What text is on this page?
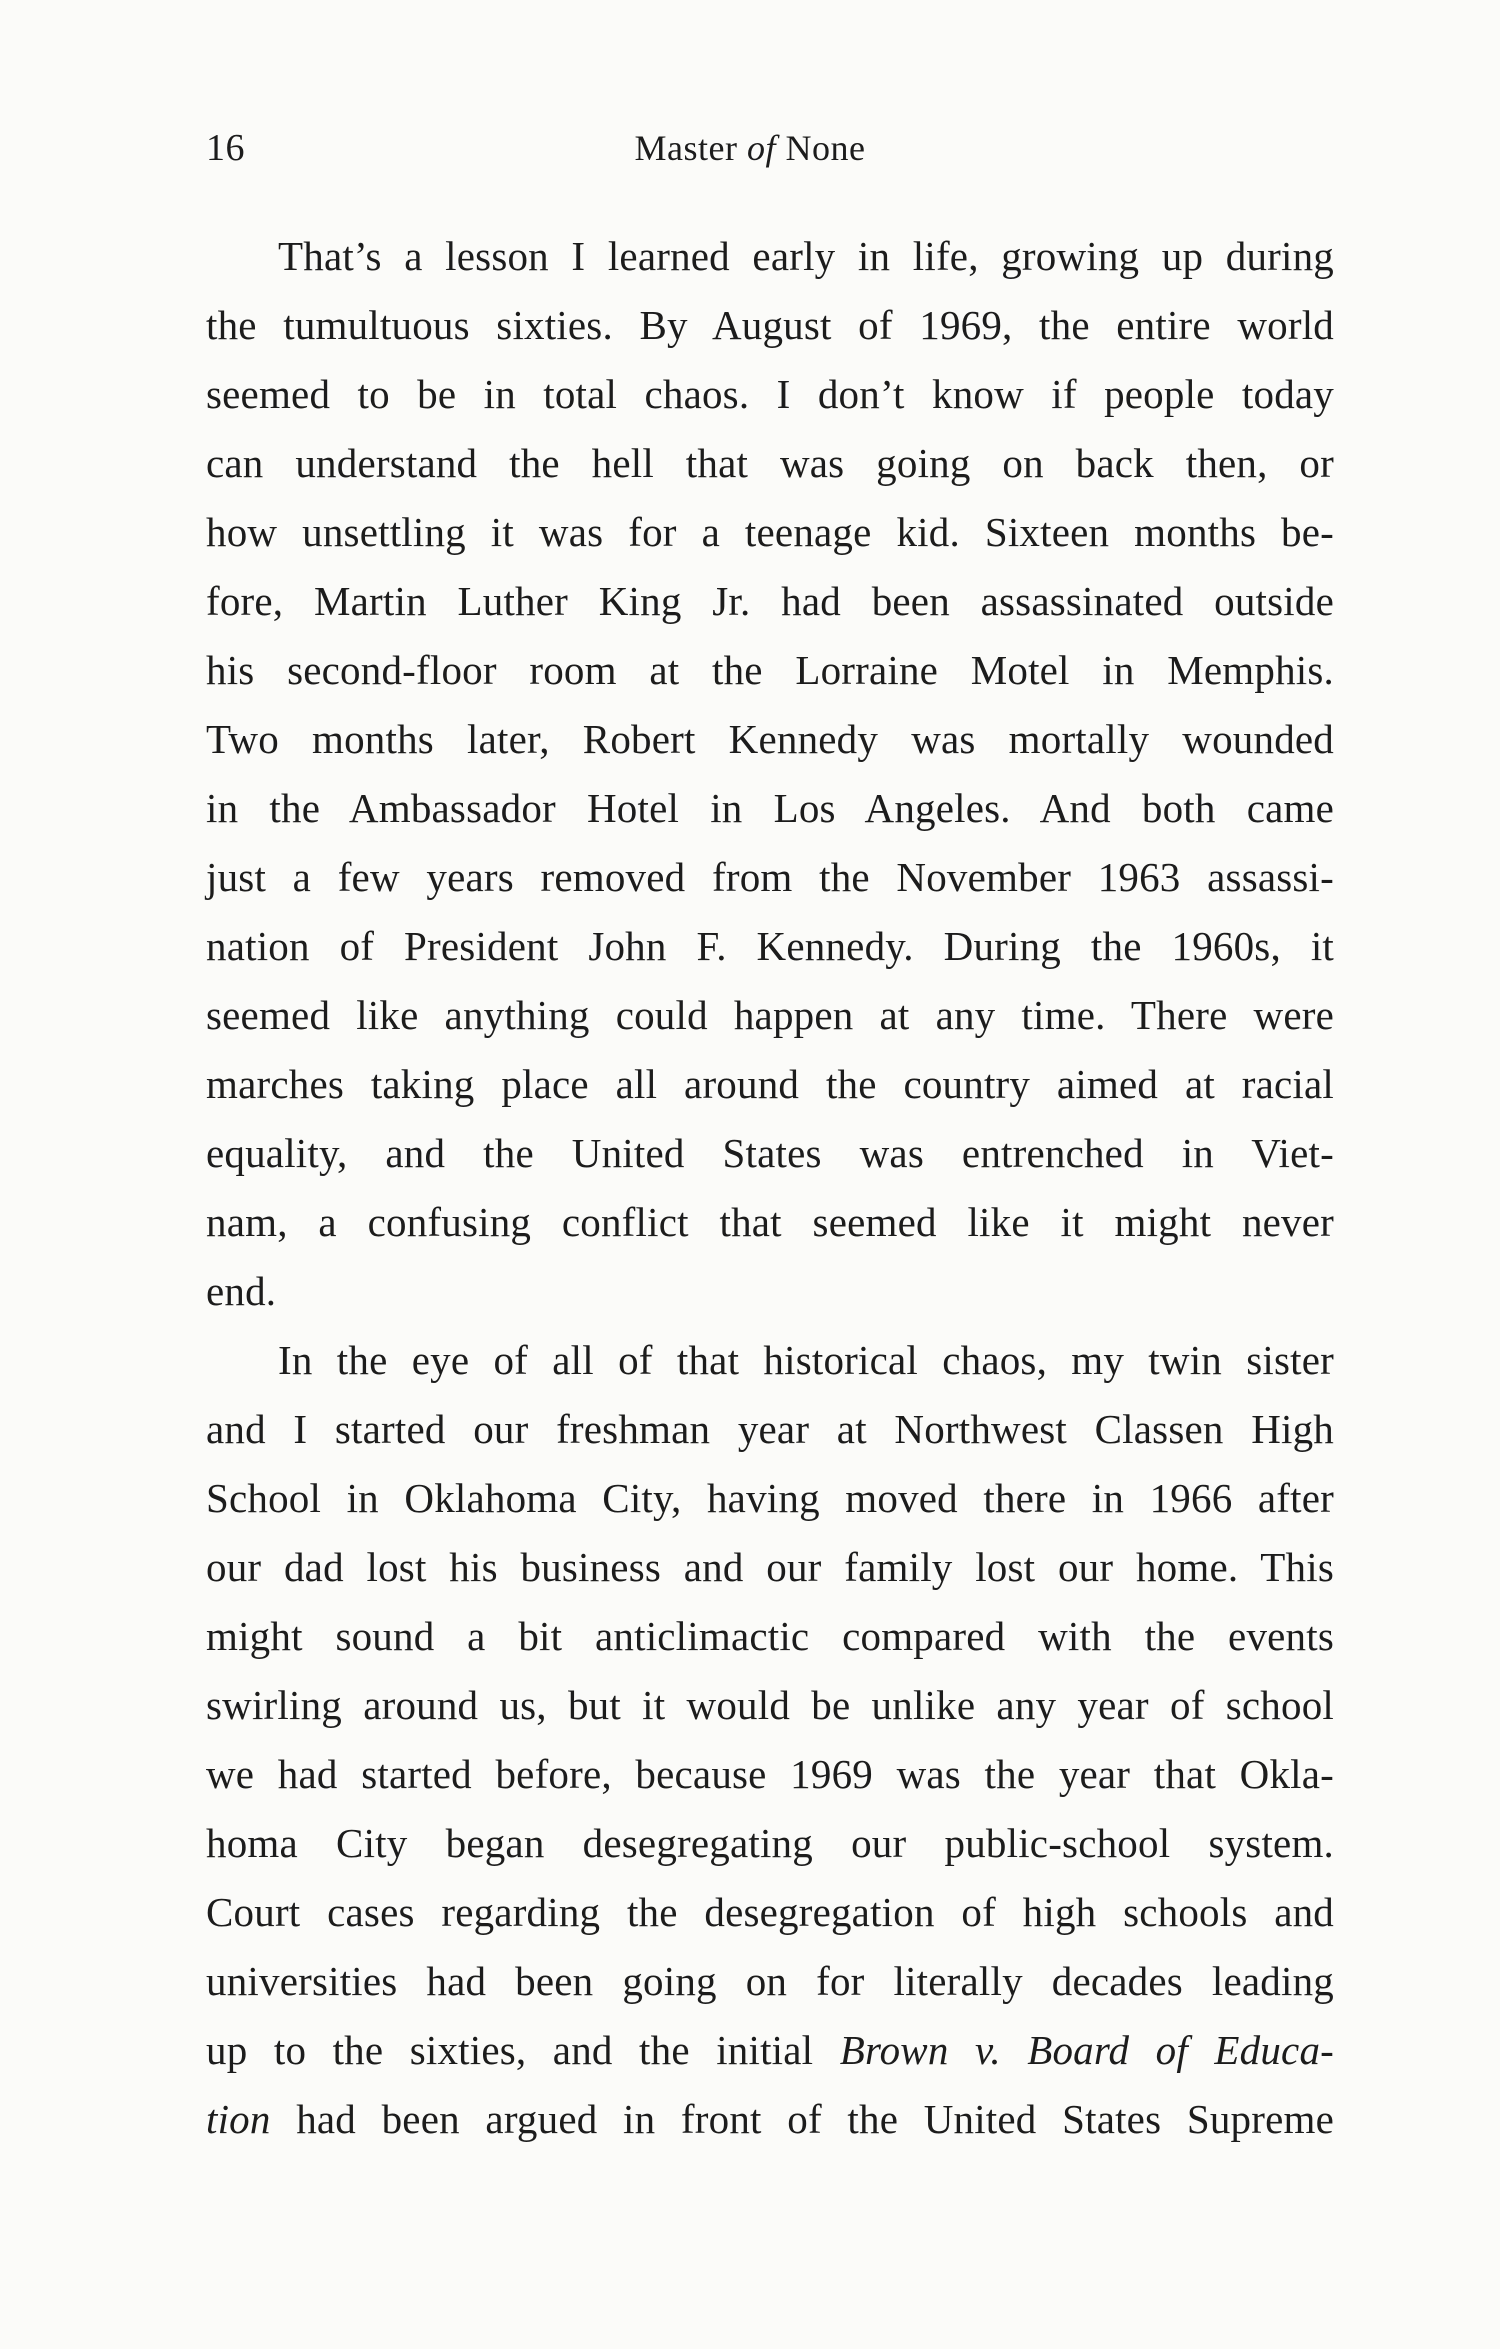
16	Master of None
That’s a lesson I learned early in life, growing up during
the tumultuous sixties. By August of 1969, the entire world
seemed to be in total chaos. I don’t know if people today
can understand the hell that was going on back then, or
how unsettling it was for a teenage kid. Sixteen months be-
fore, Martin Luther King Jr. had been assassinated outside
his second-floor room at the Lorraine Motel in Memphis.
Two months later, Robert Kennedy was mortally wounded
in the Ambassador Hotel in Los Angeles. And both came
just a few years removed from the November 1963 assassi-
nation of President John F. Kennedy. During the 1960s, it
seemed like anything could happen at any time. There were
marches taking place all around the country aimed at racial
equality, and the United States was entrenched in Viet-
nam, a confusing conflict that seemed like it might never
end.
In the eye of all of that historical chaos, my twin sister
and I started our freshman year at Northwest Classen High
School in Oklahoma City, having moved there in 1966 after
our dad lost his business and our family lost our home. This
might sound a bit anticlimactic compared with the events
swirling around us, but it would be unlike any year of school
we had started before, because 1969 was the year that Okla-
homa City began desegregating our public-school system.
Court cases regarding the desegregation of high schools and
universities had been going on for literally decades leading
up to the sixties, and the initial Brown v. Board of Educa-
tion had been argued in front of the United States Supreme
